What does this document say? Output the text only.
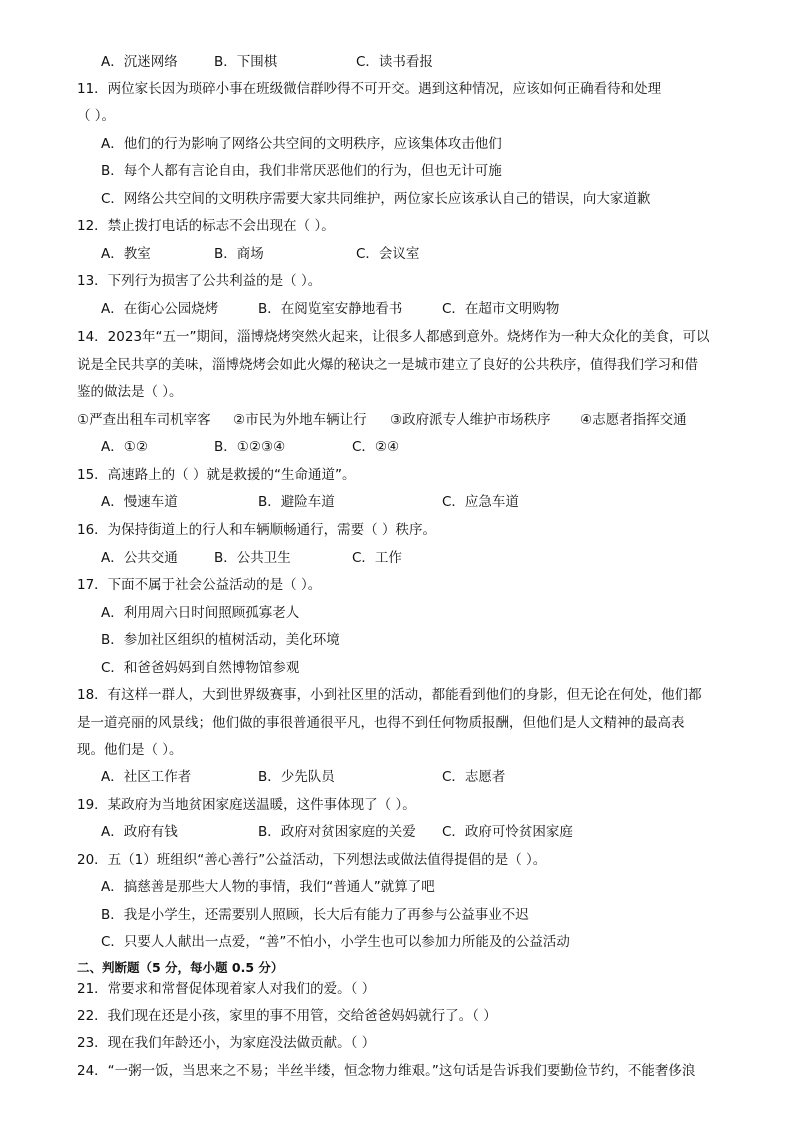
A．沉迷网络	B．下围棋	C．读书看报
11．两位家长因为琐碎小事在班级微信群吵得不可开交。遇到这种情况，应该如何正确看待和处理
（ ）。
A．他们的行为影响了网络公共空间的文明秩序，应该集体攻击他们
B．每个人都有言论自由，我们非常厌恶他们的行为，但也无计可施
C．网络公共空间的文明秩序需要大家共同维护，两位家长应该承认自己的错误，向大家道歉
12．禁止拨打电话的标志不会出现在（ ）。
A．教室	B．商场	C．会议室
13．下列行为损害了公共利益的是（ ）。
A．在街心公园烧烤	B．在阅览室安静地看书	C．在超市文明购物
14．2023年“五一”期间，淄博烧烤突然火起来，让很多人都感到意外。烧烤作为一种大众化的美食，可以
说是全民共享的美味，淄博烧烤会如此火爆的秘诀之一是城市建立了良好的公共秩序，值得我们学习和借
鉴的做法是（ ）。
①严查出租车司机宰客 ②市民为外地车辆让行 ③政府派专人维护市场秩序 ④志愿者指挥交通
A．①②	B．①②③④	C．②④
15．高速路上的（ ）就是救援的“生命通道”。
A．慢速车道	B．避险车道	C．应急车道
16．为保持街道上的行人和车辆顺畅通行，需要（ ）秩序。
A．公共交通	B．公共卫生	C．工作
17．下面不属于社会公益活动的是（ ）。
A．利用周六日时间照顾孤寡老人
B．参加社区组织的植树活动，美化环境
C．和爸爸妈妈到自然博物馆参观
18．有这样一群人，大到世界级赛事，小到社区里的活动，都能看到他们的身影，但无论在何处，他们都
是一道亮丽的风景线；他们做的事很普通很平凡，也得不到任何物质报酬，但他们是人文精神的最高表
现。他们是（ ）。
A．社区工作者	B．少先队员	C．志愿者
19．某政府为当地贫困家庭送温暖，这件事体现了（ ）。
A．政府有钱	B．政府对贫困家庭的关爱 C．政府可怜贫困家庭
20．五（1）班组织“善心善行”公益活动，下列想法或做法值得提倡的是（ ）。
A．搞慈善是那些大人物的事情，我们“普通人”就算了吧
B．我是小学生，还需要别人照顾，长大后有能力了再参与公益事业不迟
C．只要人人献出一点爱，“善”不怕小，小学生也可以参加力所能及的公益活动
二、判断题（5 分，每小题 0.5 分）
21．常要求和常督促体现着家人对我们的爱。（ ）
22．我们现在还是小孩，家里的事不用管，交给爸爸妈妈就行了。（ ）
23．现在我们年龄还小，为家庭没法做贡献。（ ）
24．“一粥一饭，当思来之不易；半丝半缕，恒念物力维艰。”这句话是告诉我们要勤俭节约，不能奢侈浪
